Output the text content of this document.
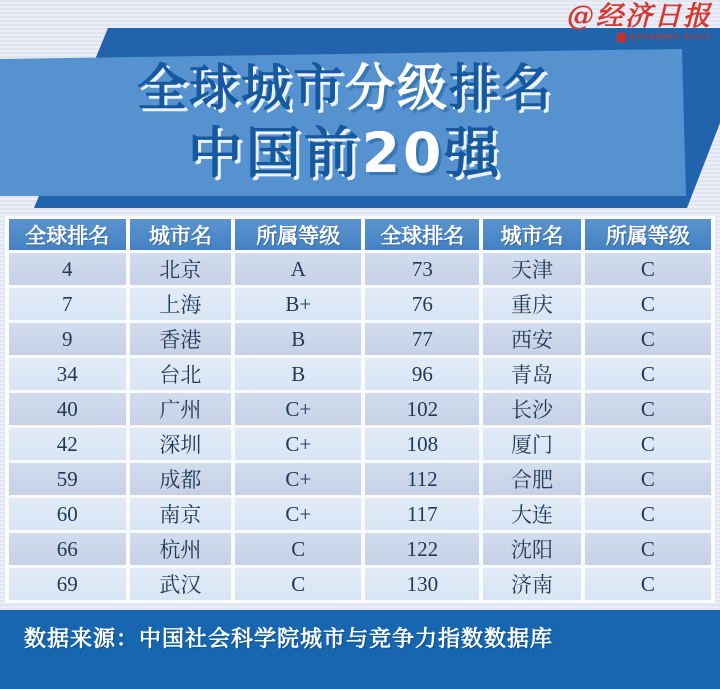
全球城市分级排名
中国前20强
@经济日报
ECONOMIC DAILY
全球排名	城市名	所属等级	全球排名	城市名	所属等级
4	北京	A	73	天津	C
7	上海	B+	76	重庆	C
9	香港	B	77	西安	C
34	台北	B	96	青岛	C
40	广州	C+	102	长沙	C
42	深圳	C+	108	厦门	C
59	成都	C+	112	合肥	C
60	南京	C+	117	大连	C
66	杭州	C	122	沈阳	C
69	武汉	C	130	济南	C
数据来源：中国社会科学院城市与竞争力指数数据库
